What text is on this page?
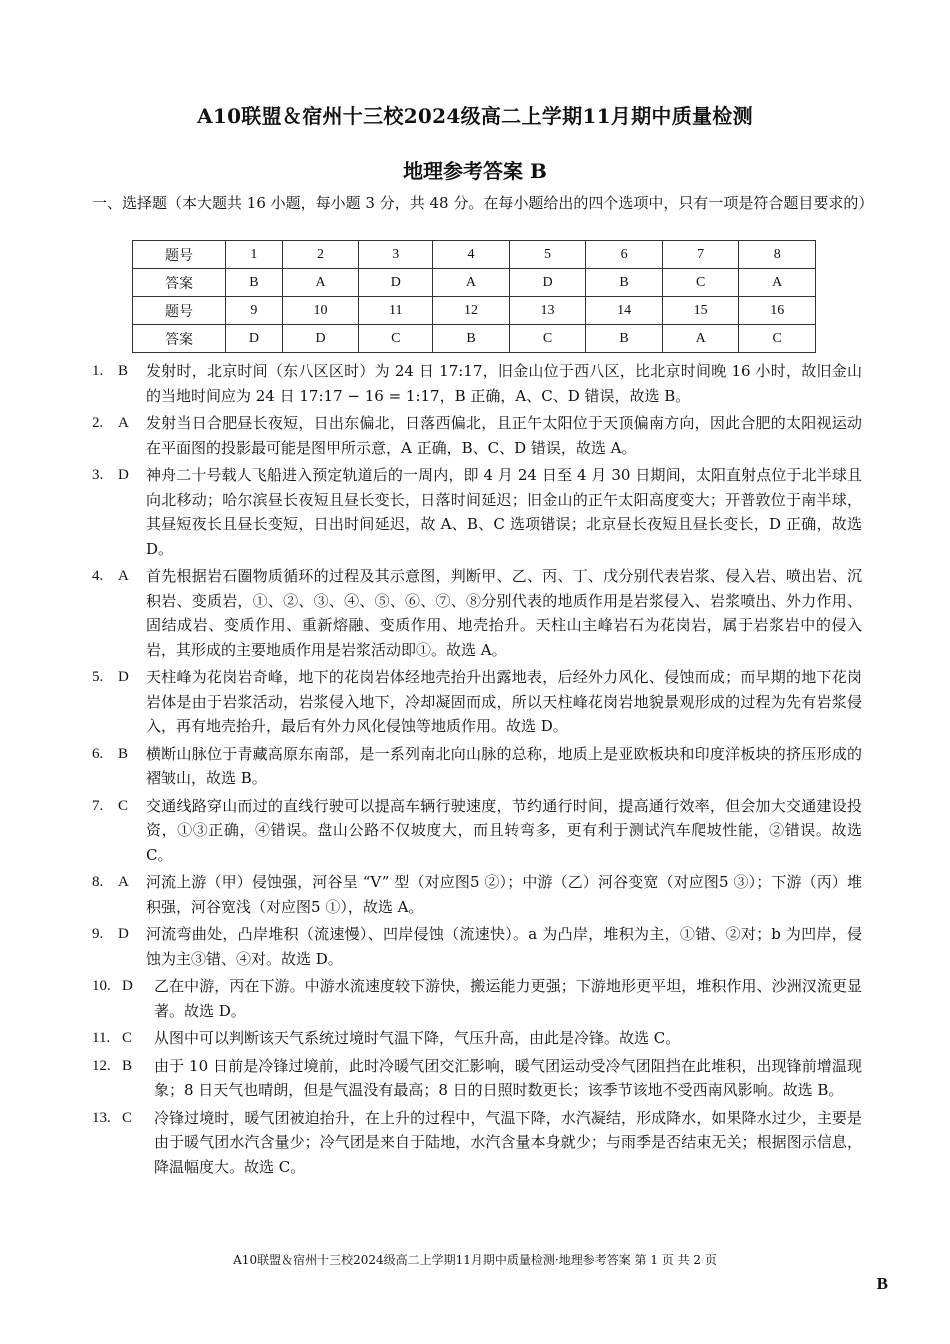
A10联盟＆宿州十三校2024级高二上学期11月期中质量检测
地理参考答案 B
一、选择题（本大题共 16 小题，每小题 3 分，共 48 分。在每小题给出的四个选项中，只有一项是符合题目要求的）
题号	1	2	3	4	5	6	7	8
答案	B	A	D	A	D	B	C	A
题号	9	10	11	12	13	14	15	16
答案	D	D	C	B	C	B	A	C
1. B	发射时，北京时间（东八区区时）为 24 日 17:17，旧金山位于西八区，比北京时间晚 16 小时，故旧金山的当地时间应为 24 日 17:17 − 16 = 1:17，B 正确，A、C、D 错误，故选 B。
2. A	发射当日合肥昼长夜短，日出东偏北，日落西偏北，且正午太阳位于天顶偏南方向，因此合肥的太阳视运动在平面图的投影最可能是图甲所示意，A 正确，B、C、D 错误，故选 A。
3. D	神舟二十号载人飞船进入预定轨道后的一周内，即 4 月 24 日至 4 月 30 日期间，太阳直射点位于北半球且向北移动；哈尔滨昼长夜短且昼长变长，日落时间延迟；旧金山的正午太阳高度变大；开普敦位于南半球，其昼短夜长且昼长变短，日出时间延迟，故 A、B、C 选项错误；北京昼长夜短且昼长变长，D 正确，故选 D。
4. A	首先根据岩石圈物质循环的过程及其示意图，判断甲、乙、丙、丁、戊分别代表岩浆、侵入岩、喷出岩、沉积岩、变质岩，①、②、③、④、⑤、⑥、⑦、⑧分别代表的地质作用是岩浆侵入、岩浆喷出、外力作用、固结成岩、变质作用、重新熔融、变质作用、地壳抬升。天柱山主峰岩石为花岗岩，属于岩浆岩中的侵入岩，其形成的主要地质作用是岩浆活动即①。故选 A。
5. D	天柱峰为花岗岩奇峰，地下的花岗岩体经地壳抬升出露地表，后经外力风化、侵蚀而成；而早期的地下花岗岩体是由于岩浆活动，岩浆侵入地下，冷却凝固而成，所以天柱峰花岗岩地貌景观形成的过程为先有岩浆侵入，再有地壳抬升，最后有外力风化侵蚀等地质作用。故选 D。
6. B	横断山脉位于青藏高原东南部，是一系列南北向山脉的总称，地质上是亚欧板块和印度洋板块的挤压形成的褶皱山，故选 B。
7. C	交通线路穿山而过的直线行驶可以提高车辆行驶速度，节约通行时间，提高通行效率，但会加大交通建设投资，①③正确，④错误。盘山公路不仅坡度大，而且转弯多，更有利于测试汽车爬坡性能，②错误。故选 C。
8. A	河流上游（甲）侵蚀强，河谷呈 “V” 型（对应图5 ②）；中游（乙）河谷变宽（对应图5 ③）；下游（丙）堆积强，河谷宽浅（对应图5 ①），故选 A。
9. D	河流弯曲处，凸岸堆积（流速慢）、凹岸侵蚀（流速快）。a 为凸岸，堆积为主，①错、②对；b 为凹岸，侵蚀为主③错、④对。故选 D。
10. D	乙在中游，丙在下游。中游水流速度较下游快，搬运能力更强；下游地形更平坦，堆积作用、沙洲汊流更显著。故选 D。
11. C	从图中可以判断该天气系统过境时气温下降，气压升高，由此是冷锋。故选 C。
12. B	由于 10 日前是冷锋过境前，此时冷暖气团交汇影响，暖气团运动受冷气团阻挡在此堆积，出现锋前增温现象；8 日天气也晴朗，但是气温没有最高；8 日的日照时数更长；该季节该地不受西南风影响。故选 B。
13. C	冷锋过境时，暖气团被迫抬升，在上升的过程中，气温下降，水汽凝结，形成降水，如果降水过少，主要是由于暖气团水汽含量少；冷气团是来自于陆地，水汽含量本身就少；与雨季是否结束无关；根据图示信息，降温幅度大。故选 C。
A10联盟＆宿州十三校2024级高二上学期11月期中质量检测·地理参考答案 第 1 页 共 2 页
B
